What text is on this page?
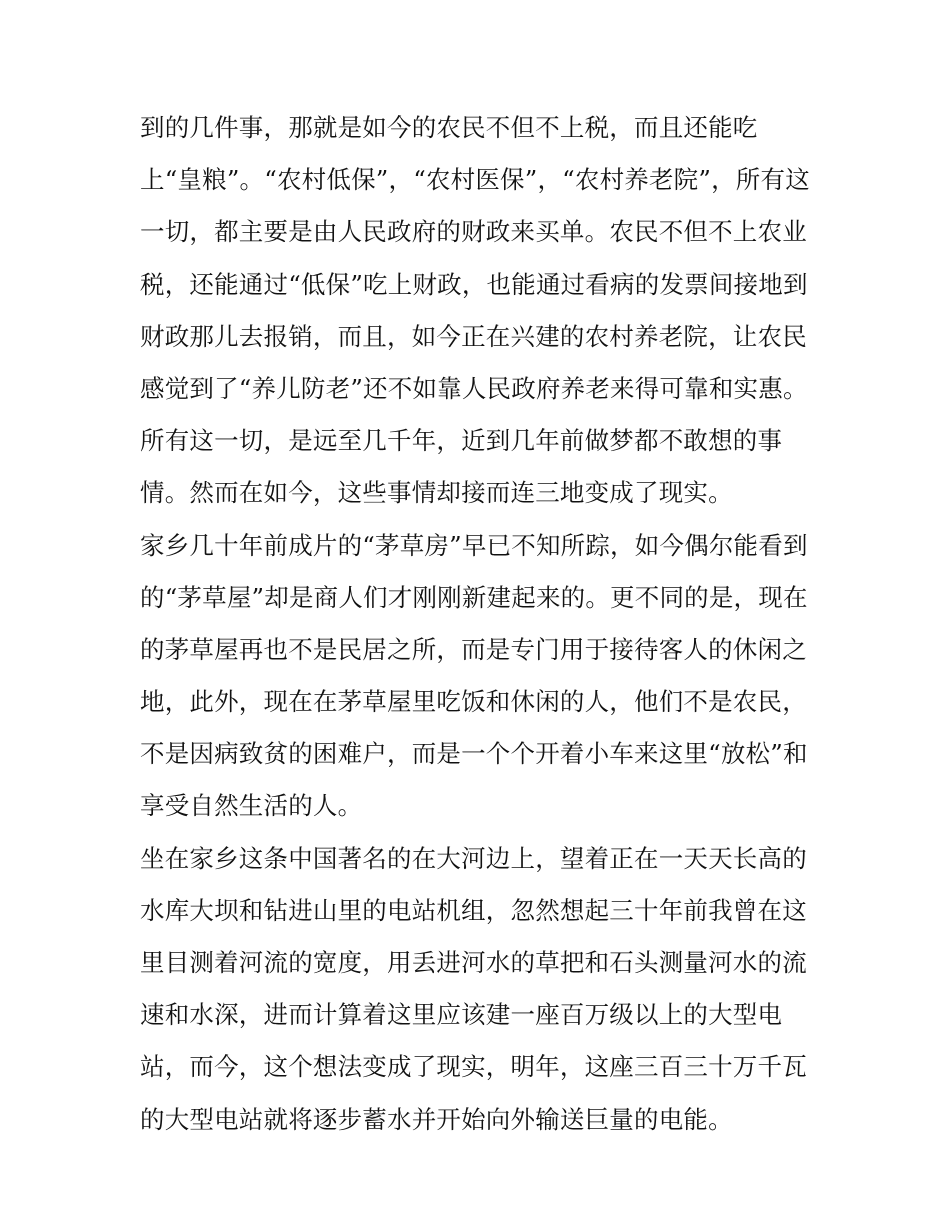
到的几件事，那就是如今的农民不但不上税，而且还能吃
上“皇粮”。“农村低保”，“农村医保”，“农村养老院”，所有这
一切，都主要是由人民政府的财政来买单。农民不但不上农业
税，还能通过“低保”吃上财政，也能通过看病的发票间接地到
财政那儿去报销，而且，如今正在兴建的农村养老院，让农民
感觉到了“养儿防老”还不如靠人民政府养老来得可靠和实惠。
所有这一切，是远至几千年，近到几年前做梦都不敢想的事
情。然而在如今，这些事情却接而连三地变成了现实。
家乡几十年前成片的“茅草房”早已不知所踪，如今偶尔能看到
的“茅草屋”却是商人们才刚刚新建起来的。更不同的是，现在
的茅草屋再也不是民居之所，而是专门用于接待客人的休闲之
地，此外，现在在茅草屋里吃饭和休闲的人，他们不是农民，
不是因病致贫的困难户，而是一个个开着小车来这里“放松”和
享受自然生活的人。
坐在家乡这条中国著名的在大河边上，望着正在一天天长高的
水库大坝和钻进山里的电站机组，忽然想起三十年前我曾在这
里目测着河流的宽度，用丢进河水的草把和石头测量河水的流
速和水深，进而计算着这里应该建一座百万级以上的大型电
站，而今，这个想法变成了现实，明年，这座三百三十万千瓦
的大型电站就将逐步蓄水并开始向外输送巨量的电能。
